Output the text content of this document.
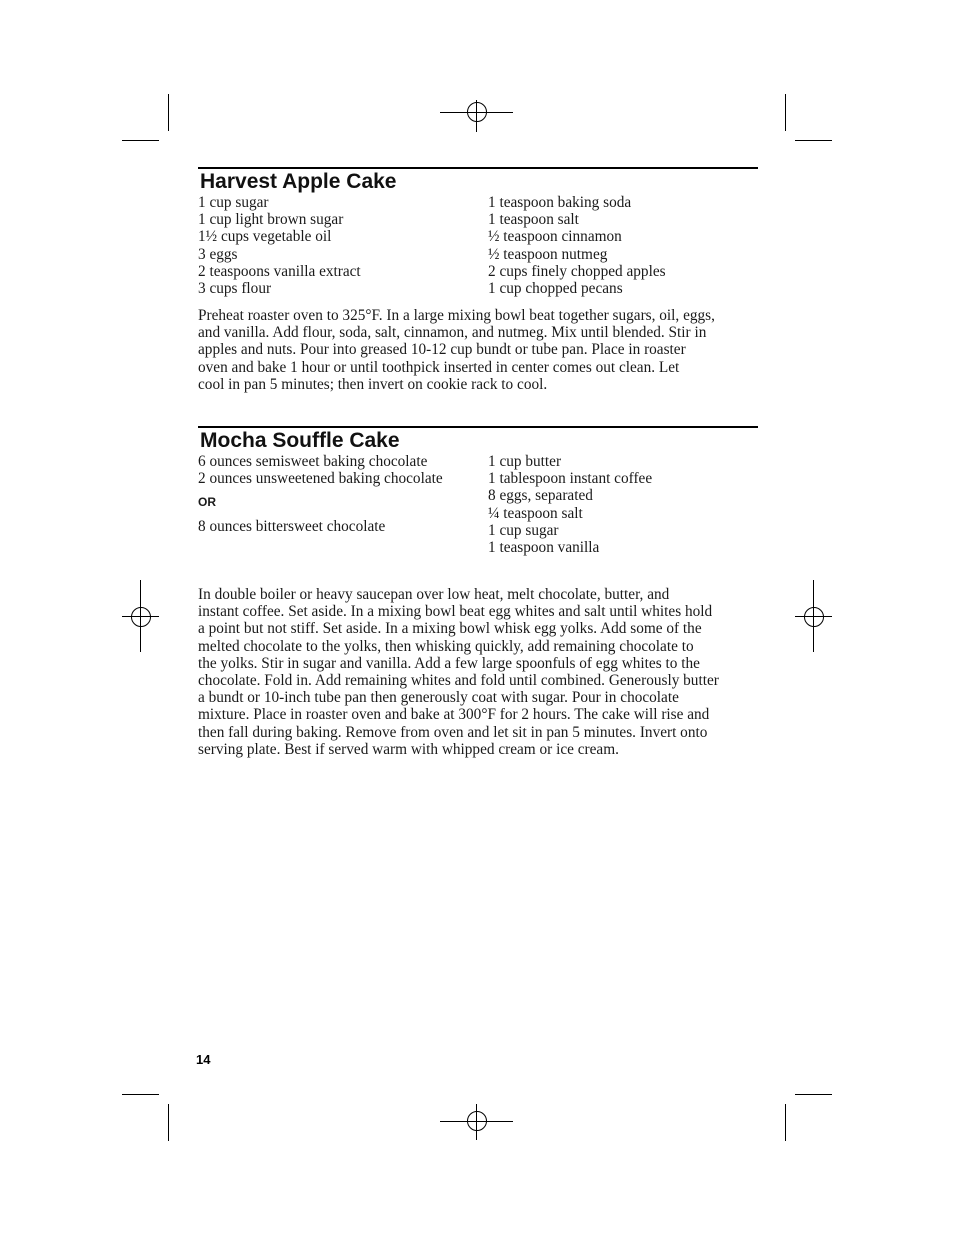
Harvest Apple Cake
1 cup sugar
1 cup light brown sugar
1½ cups vegetable oil
3 eggs
2 teaspoons vanilla extract
3 cups flour
1 teaspoon baking soda
1 teaspoon salt
½ teaspoon cinnamon
½ teaspoon nutmeg
2 cups finely chopped apples
1 cup chopped pecans
Preheat roaster oven to 325°F. In a large mixing bowl beat together sugars, oil, eggs,
and vanilla. Add flour, soda, salt, cinnamon, and nutmeg. Mix until blended. Stir in
apples and nuts. Pour into greased 10-12 cup bundt or tube pan. Place in roaster
oven and bake 1 hour or until toothpick inserted in center comes out clean. Let
cool in pan 5 minutes; then invert on cookie rack to cool.
Mocha Souffle Cake
6 ounces semisweet baking chocolate
2 ounces unsweetened baking chocolate
OR
8 ounces bittersweet chocolate
1 cup butter
1 tablespoon instant coffee
8 eggs, separated
¼ teaspoon salt
1 cup sugar
1 teaspoon vanilla
In double boiler or heavy saucepan over low heat, melt chocolate, butter, and
instant coffee. Set aside. In a mixing bowl beat egg whites and salt until whites hold
a point but not stiff. Set aside. In a mixing bowl whisk egg yolks. Add some of the
melted chocolate to the yolks, then whisking quickly, add remaining chocolate to
the yolks. Stir in sugar and vanilla. Add a few large spoonfuls of egg whites to the
chocolate. Fold in. Add remaining whites and fold until combined. Generously butter
a bundt or 10-inch tube pan then generously coat with sugar. Pour in chocolate
mixture. Place in roaster oven and bake at 300°F for 2 hours. The cake will rise and
then fall during baking. Remove from oven and let sit in pan 5 minutes. Invert onto
serving plate. Best if served warm with whipped cream or ice cream.
14
